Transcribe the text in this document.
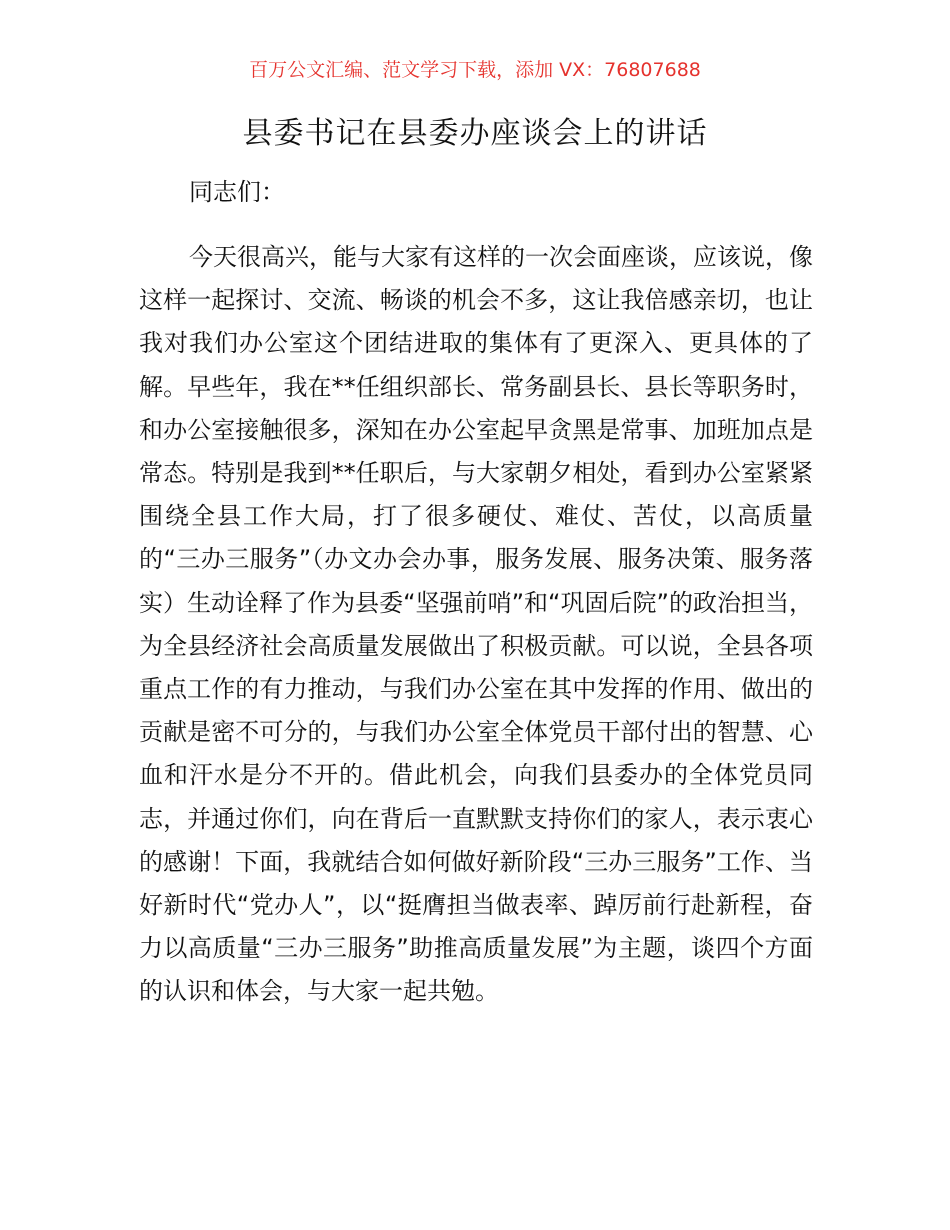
百万公文汇编、范文学习下载，添加 VX：76807688
县委书记在县委办座谈会上的讲话

同志们：

今天很高兴，能与大家有这样的一次会面座谈，应该说，像这样一起探讨、交流、畅谈的机会不多，这让我倍感亲切，也让我对我们办公室这个团结进取的集体有了更深入、更具体的了解。早些年，我在**任组织部长、常务副县长、县长等职务时，和办公室接触很多，深知在办公室起早贪黑是常事、加班加点是常态。特别是我到**任职后，与大家朝夕相处，看到办公室紧紧围绕全县工作大局，打了很多硬仗、难仗、苦仗，以高质量的“三办三服务”（办文办会办事，服务发展、服务决策、服务落实）生动诠释了作为县委“坚强前哨”和“巩固后院”的政治担当，为全县经济社会高质量发展做出了积极贡献。可以说，全县各项重点工作的有力推动，与我们办公室在其中发挥的作用、做出的贡献是密不可分的，与我们办公室全体党员干部付出的智慧、心血和汗水是分不开的。借此机会，向我们县委办的全体党员同志，并通过你们，向在背后一直默默支持你们的家人，表示衷心的感谢！下面，我就结合如何做好新阶段“三办三服务”工作、当好新时代“党办人”，以“挺膺担当做表率、踔厉前行赴新程，奋力以高质量“三办三服务”助推高质量发展”为主题，谈四个方面的认识和体会，与大家一起共勉。
